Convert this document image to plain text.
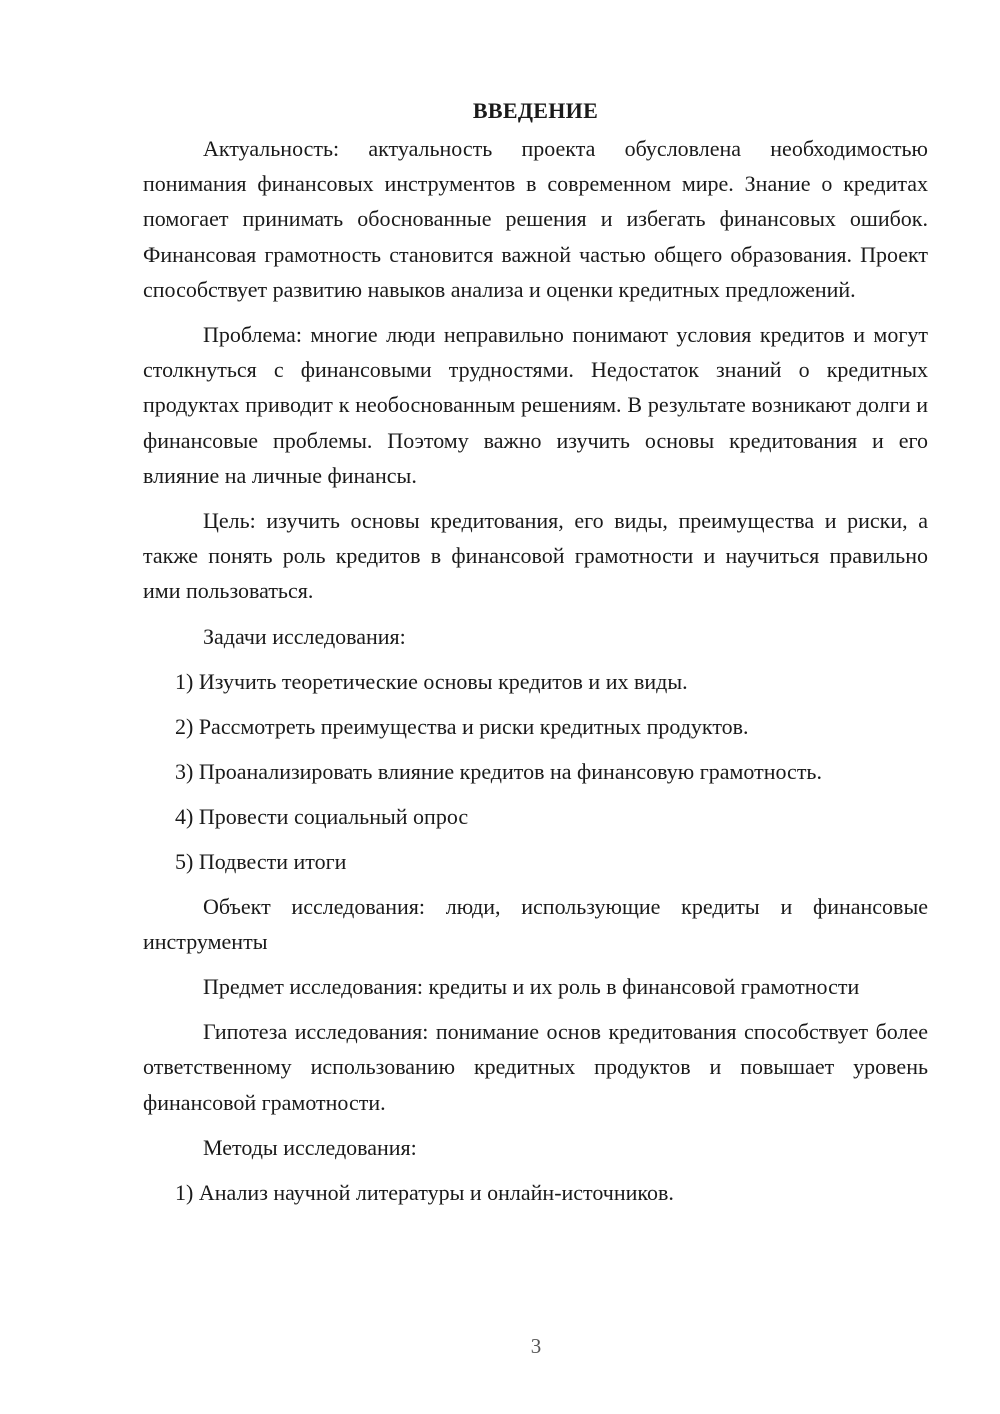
ВВЕДЕНИЕ

Актуальность: актуальность проекта обусловлена необходимостью понимания финансовых инструментов в современном мире. Знание о кредитах помогает принимать обоснованные решения и избегать финансовых ошибок. Финансовая грамотность становится важной частью общего образования. Проект способствует развитию навыков анализа и оценки кредитных предложений.

Проблема: многие люди неправильно понимают условия кредитов и могут столкнуться с финансовыми трудностями. Недостаток знаний о кредитных продуктах приводит к необоснованным решениям. В результате возникают долги и финансовые проблемы. Поэтому важно изучить основы кредитования и его влияние на личные финансы.

Цель: изучить основы кредитования, его виды, преимущества и риски, а также понять роль кредитов в финансовой грамотности и научиться правильно ими пользоваться.

Задачи исследования:

1) Изучить теоретические основы кредитов и их виды.

2) Рассмотреть преимущества и риски кредитных продуктов.

3) Проанализировать влияние кредитов на финансовую грамотность.

4) Провести социальный опрос

5) Подвести итоги

Объект исследования: люди, использующие кредиты и финансовые инструменты

Предмет исследования: кредиты и их роль в финансовой грамотности

Гипотеза исследования: понимание основ кредитования способствует более ответственному использованию кредитных продуктов и повышает уровень финансовой грамотности.

Методы исследования:

1) Анализ научной литературы и онлайн-источников.

3
